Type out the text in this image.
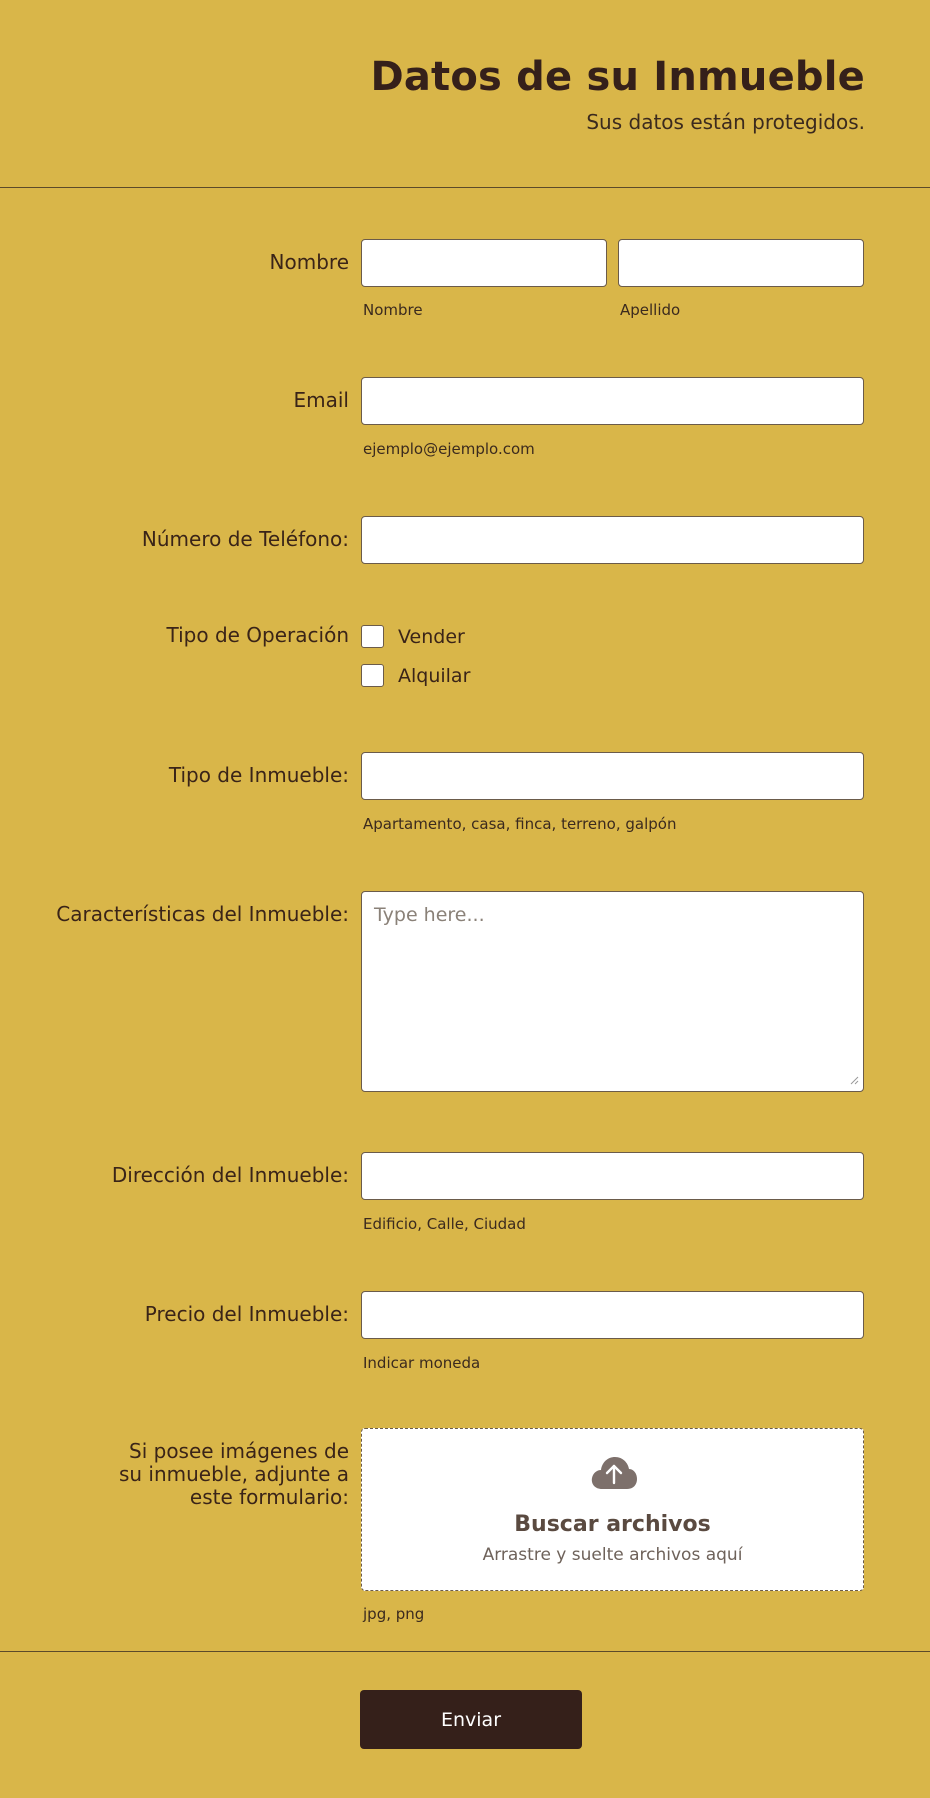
Datos de su Inmueble

Sus datos están protegidos.

Nombre
Nombre	Apellido
Email
ejemplo@ejemplo.com
Número de Teléfono:
Tipo de Operación	Vender
Alquilar
Tipo de Inmueble:
Apartamento, casa, finca, terreno, galpón
Características del Inmueble:
Type here...
Dirección del Inmueble:
Edificio, Calle, Ciudad
Precio del Inmueble:
Indicar moneda
Si posee imágenes de su inmueble, adjunte a este formulario:
Buscar archivos
Arrastre y suelte archivos aquí
jpg, png
Enviar
